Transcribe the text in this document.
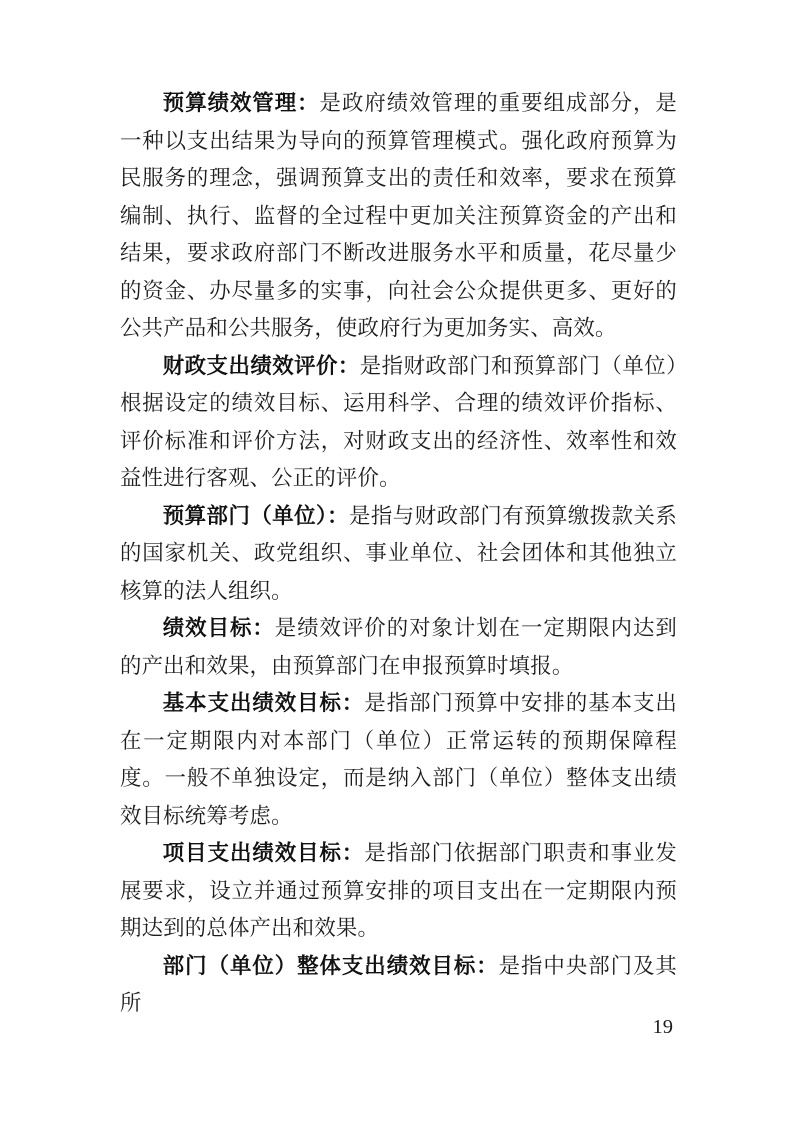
预算绩效管理：是政府绩效管理的重要组成部分，是一种以支出结果为导向的预算管理模式。强化政府预算为民服务的理念，强调预算支出的责任和效率，要求在预算编制、执行、监督的全过程中更加关注预算资金的产出和结果，要求政府部门不断改进服务水平和质量，花尽量少的资金、办尽量多的实事，向社会公众提供更多、更好的公共产品和公共服务，使政府行为更加务实、高效。

财政支出绩效评价：是指财政部门和预算部门（单位）根据设定的绩效目标、运用科学、合理的绩效评价指标、评价标准和评价方法，对财政支出的经济性、效率性和效益性进行客观、公正的评价。

预算部门（单位）：是指与财政部门有预算缴拨款关系的国家机关、政党组织、事业单位、社会团体和其他独立核算的法人组织。

绩效目标：是绩效评价的对象计划在一定期限内达到的产出和效果，由预算部门在申报预算时填报。

基本支出绩效目标：是指部门预算中安排的基本支出在一定期限内对本部门（单位）正常运转的预期保障程度。一般不单独设定，而是纳入部门（单位）整体支出绩效目标统筹考虑。

项目支出绩效目标：是指部门依据部门职责和事业发展要求，设立并通过预算安排的项目支出在一定期限内预期达到的总体产出和效果。

部门（单位）整体支出绩效目标：是指中央部门及其所

19
